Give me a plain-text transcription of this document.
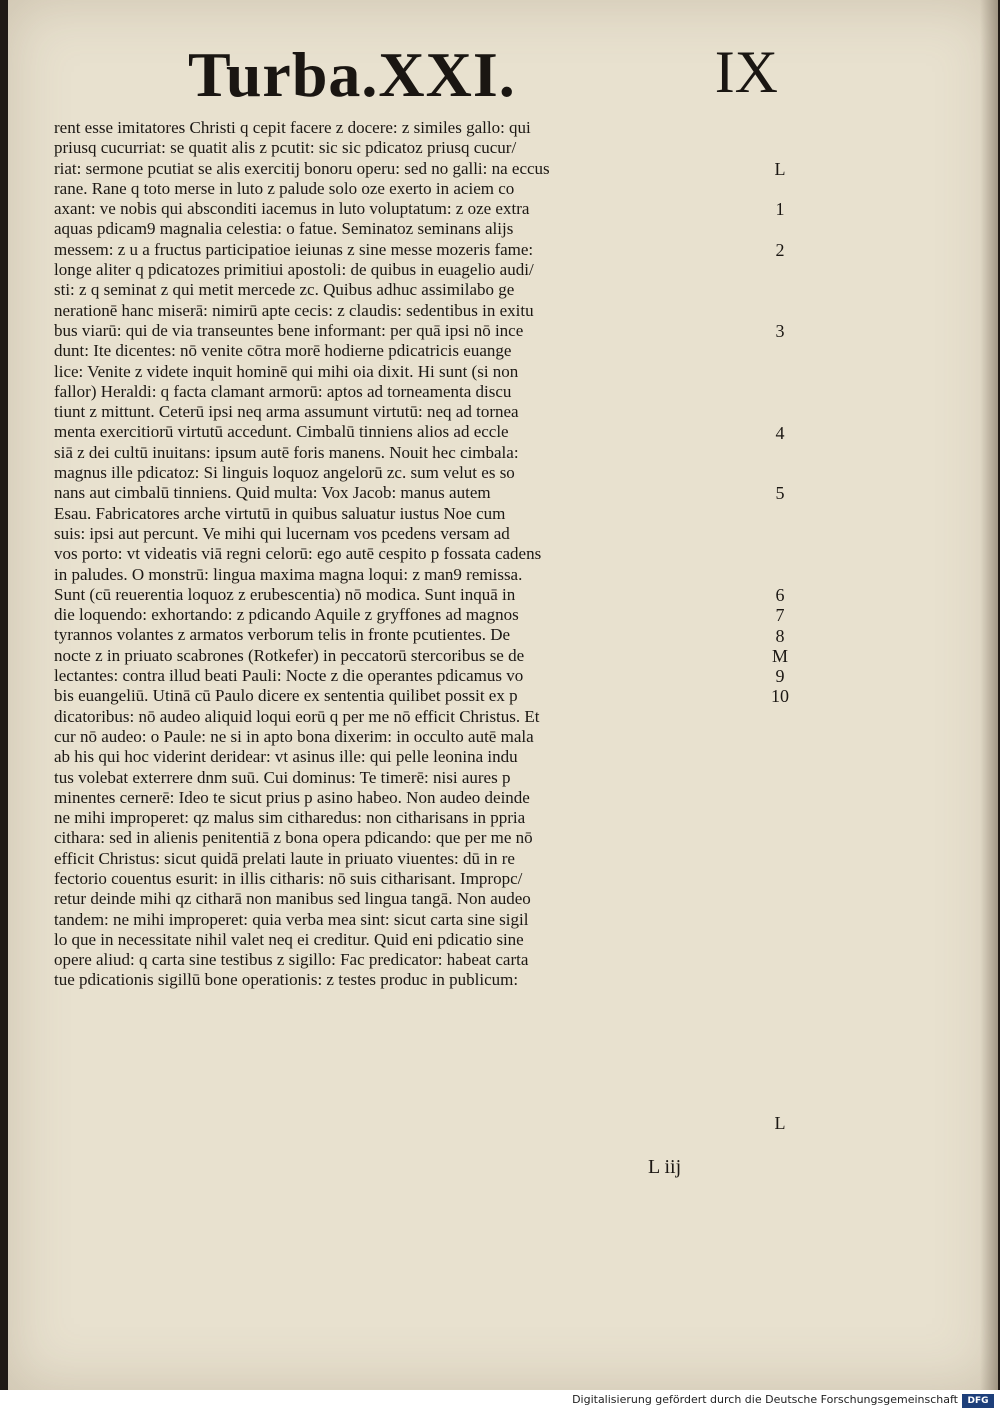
Turba.XXI.	IX
rent esse imitatores Christi q cepit facere z docere: z similes gallo: qui
priusq cucurriat: se quatit alis z pcutit: sic sic pdicatoz priusq cucur/
riat: sermone pcutiat se alis exercitij bonoru operu: sed no galli: na eccus
rane. Rane q toto merse in luto z palude solo oze exerto in aciem co
axant: ve nobis qui absconditi iacemus in luto voluptatum: z oze extra
aquas pdicam9 magnalia celestia: o fatue. Seminatoz seminans alijs
messem: z u a fructus participatioe ieiunas z sine messe mozeris fame:
longe aliter q pdicatozes primitiui apostoli: de quibus in euagelio audi/
sti: z q seminat z qui metit mercede zc. Quibus adhuc assimilabo ge
nerationē hanc miserā: nimirū apte cecis: z claudis: sedentibus in exitu
bus viarū: qui de via transeuntes bene informant: per quā ipsi nō ince
dunt: Ite dicentes: nō venite cōtra morē hodierne pdicatricis euange
lice: Venite z videte inquit hominē qui mihi oia dixit. Hi sunt (si non
fallor) Heraldi: q facta clamant armorū: aptos ad torneamenta discu
tiunt z mittunt. Ceterū ipsi neq arma assumunt virtutū: neq ad tornea
menta exercitiorū virtutū accedunt. Cimbalū tinniens alios ad eccle
siā z dei cultū inuitans: ipsum autē foris manens. Nouit hec cimbala:
magnus ille pdicatoz: Si linguis loquoz angelorū zc. sum velut es so
nans aut cimbalū tinniens. Quid multa: Vox Jacob: manus autem
Esau. Fabricatores arche virtutū in quibus saluatur iustus Noe cum
suis: ipsi aut percunt. Ve mihi qui lucernam vos pcedens versam ad
vos porto: vt videatis viā regni celorū: ego autē cespito p fossata cadens
in paludes. O monstrū: lingua maxima magna loqui: z man9 remissa.
Sunt (cū reuerentia loquoz z erubescentia) nō modica. Sunt inquā in
die loquendo: exhortando: z pdicando Aquile z gryffones ad magnos
tyrannos volantes z armatos verborum telis in fronte pcutientes. De
nocte z in priuato scabrones (Rotkefer) in peccatorū stercoribus se de
lectantes: contra illud beati Pauli: Nocte z die operantes pdicamus vo
bis euangeliū. Utinā cū Paulo dicere ex sententia quilibet possit ex p
dicatoribus: nō audeo aliquid loqui eorū q per me nō efficit Christus. Et
cur nō audeo: o Paule: ne si in apto bona dixerim: in occulto autē mala
ab his qui hoc viderint deridear: vt asinus ille: qui pelle leonina indu
tus volebat exterrere dnm suū. Cui dominus: Te timerē: nisi aures p
minentes cernerē: Ideo te sicut prius p asino habeo. Non audeo deinde
ne mihi improperet: qz malus sim citharedus: non citharisans in ppria
cithara: sed in alienis penitentiā z bona opera pdicando: que per me nō
efficit Christus: sicut quidā prelati laute in priuato viuentes: dū in re
fectorio couentus esurit: in illis citharis: nō suis citharisant. Impropc/
retur deinde mihi qz citharā non manibus sed lingua tangā. Non audeo
tandem: ne mihi improperet: quia verba mea sint: sicut carta sine sigil
lo que in necessitate nihil valet neq ei creditur. Quid eni pdicatio sine
opere aliud: q carta sine testibus z sigillo: Fac predicator: habeat carta
tue pdicationis sigillū bone operationis: z testes produc in publicum:
L
1
2
3
4
5
6
7
8
M
9
10
L
L iij
Digitalisierung gefördert durch die Deutsche Forschungsgemeinschaft	DFG
